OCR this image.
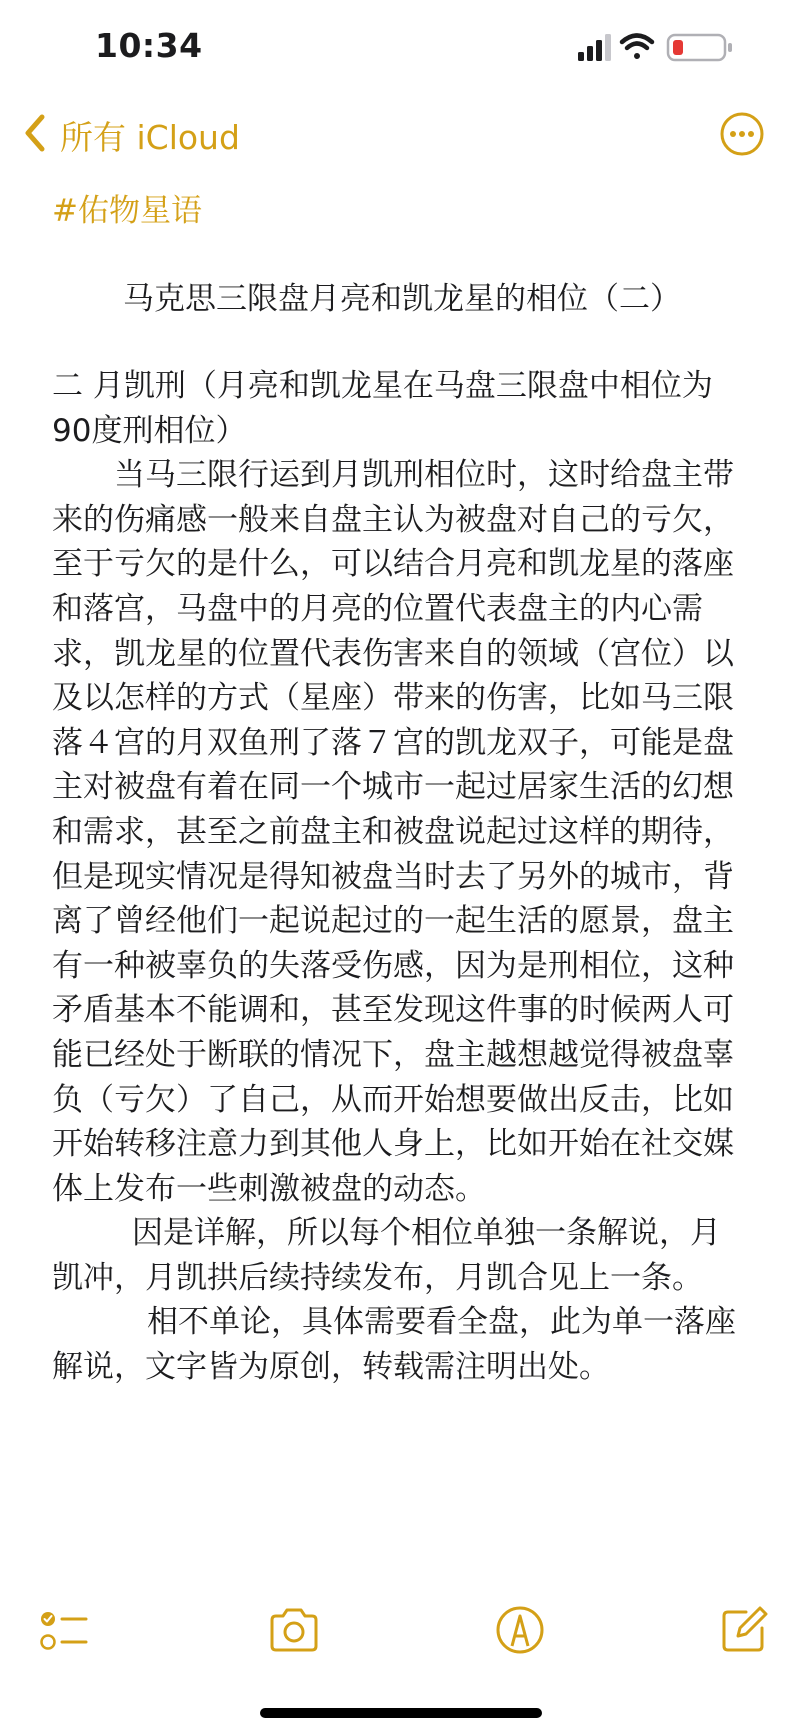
10:34
所有 iCloud
#佑物星语
马克思三限盘月亮和凯龙星的相位（二）

二 月凯刑（月亮和凯龙星在马盘三限盘中相位为90度刑相位）

当马三限行运到月凯刑相位时，这时给盘主带来的伤痛感一般来自盘主认为被盘对自己的亏欠，至于亏欠的是什么，可以结合月亮和凯龙星的落座和落宫，马盘中的月亮的位置代表盘主的内心需求，凯龙星的位置代表伤害来自的领域（宫位）以及以怎样的方式（星座）带来的伤害，比如马三限落４宫的月双鱼刑了落７宫的凯龙双子，可能是盘主对被盘有着在同一个城市一起过居家生活的幻想和需求，甚至之前盘主和被盘说起过这样的期待，但是现实情况是得知被盘当时去了另外的城市，背离了曾经他们一起说起过的一起生活的愿景，盘主有一种被辜负的失落受伤感，因为是刑相位，这种矛盾基本不能调和，甚至发现这件事的时候两人可能已经处于断联的情况下，盘主越想越觉得被盘辜负（亏欠）了自己，从而开始想要做出反击，比如开始转移注意力到其他人身上，比如开始在社交媒体上发布一些刺激被盘的动态。

因是详解，所以每个相位单独一条解说，月凯冲，月凯拱后续持续发布，月凯合见上一条。

相不单论，具体需要看全盘，此为单一落座解说，文字皆为原创，转载需注明出处。
